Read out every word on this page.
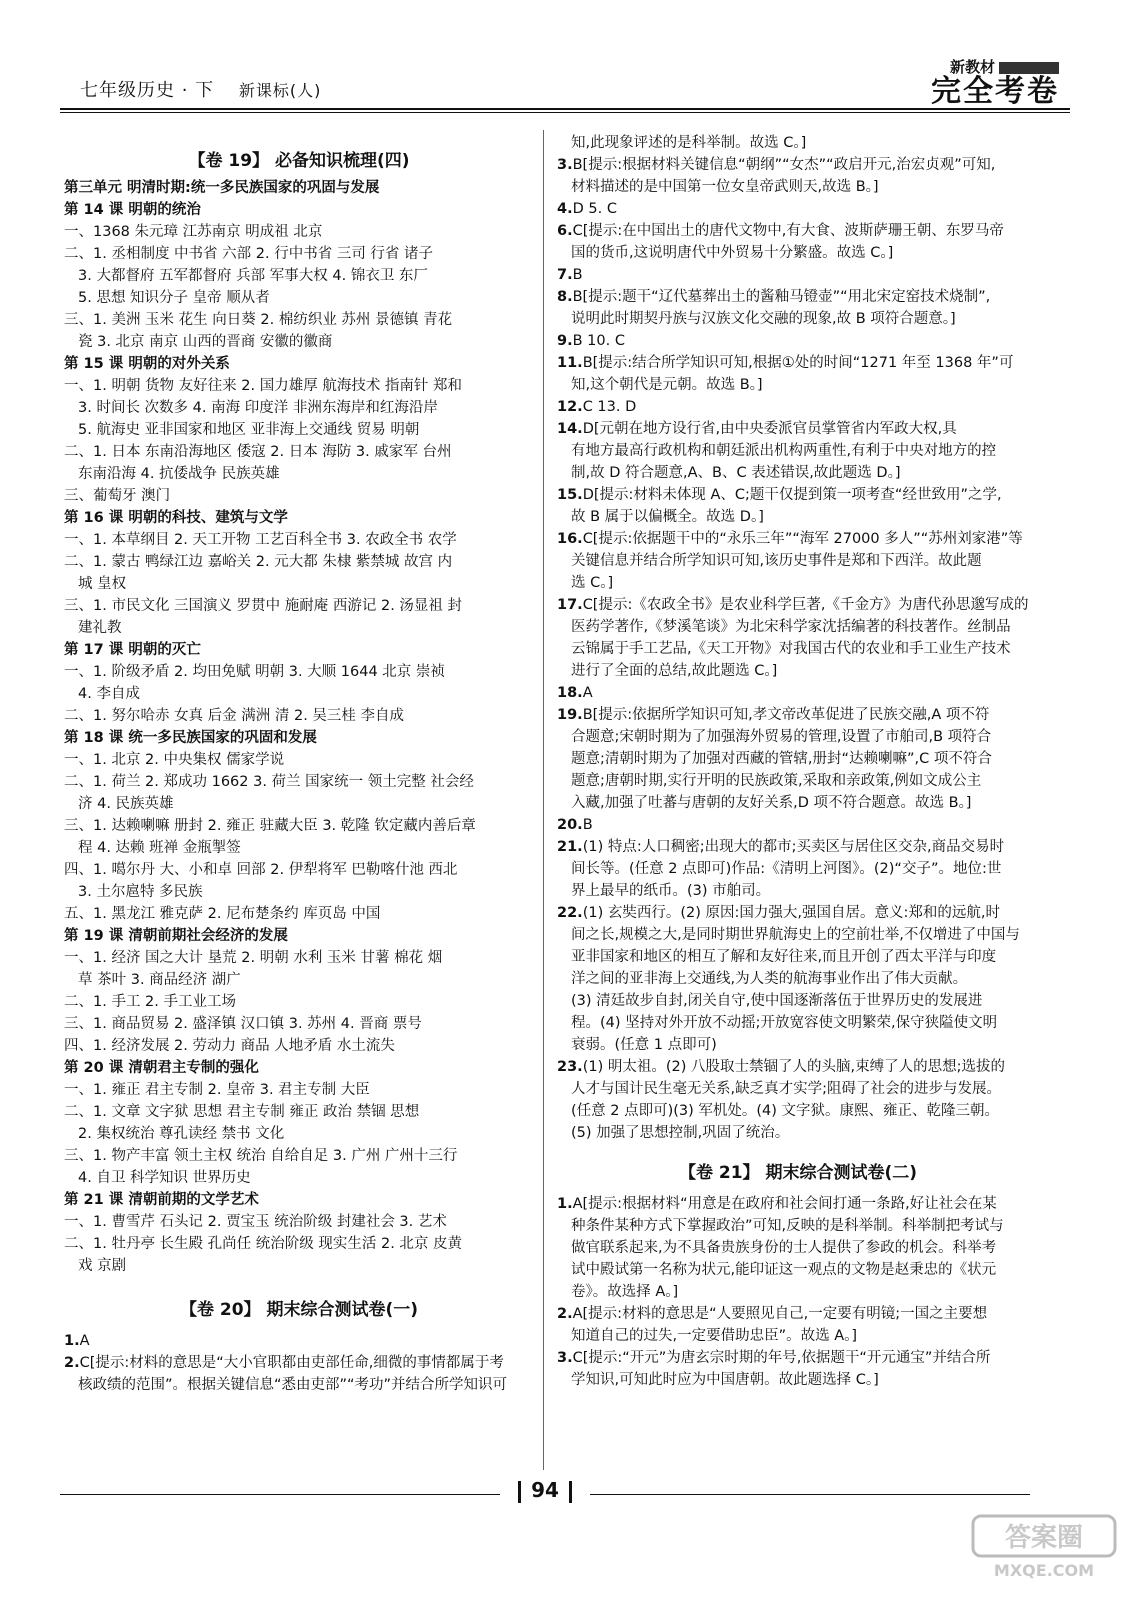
七年级历史 · 下 新课标(人)
新教材
完全考卷
【卷 19】 必备知识梳理(四)
第三单元 明清时期:统一多民族国家的巩固与发展
第 14 课 明朝的统治
一、1368 朱元璋 江苏南京 明成祖 北京
二、1. 丞相制度 中书省 六部 2. 行中书省 三司 行省 诸子
3. 大都督府 五军都督府 兵部 军事大权 4. 锦衣卫 东厂
5. 思想 知识分子 皇帝 顺从者
三、1. 美洲 玉米 花生 向日葵 2. 棉纺织业 苏州 景德镇 青花
瓷 3. 北京 南京 山西的晋商 安徽的徽商
第 15 课 明朝的对外关系
一、1. 明朝 货物 友好往来 2. 国力雄厚 航海技术 指南针 郑和
3. 时间长 次数多 4. 南海 印度洋 非洲东海岸和红海沿岸
5. 航海史 亚非国家和地区 亚非海上交通线 贸易 明朝
二、1. 日本 东南沿海地区 倭寇 2. 日本 海防 3. 戚家军 台州
东南沿海 4. 抗倭战争 民族英雄
三、葡萄牙 澳门
第 16 课 明朝的科技、建筑与文学
一、1. 本草纲目 2. 天工开物 工艺百科全书 3. 农政全书 农学
二、1. 蒙古 鸭绿江边 嘉峪关 2. 元大都 朱棣 紫禁城 故宫 内
城 皇权
三、1. 市民文化 三国演义 罗贯中 施耐庵 西游记 2. 汤显祖 封
建礼教
第 17 课 明朝的灭亡
一、1. 阶级矛盾 2. 均田免赋 明朝 3. 大顺 1644 北京 崇祯
4. 李自成
二、1. 努尔哈赤 女真 后金 满洲 清 2. 吴三桂 李自成
第 18 课 统一多民族国家的巩固和发展
一、1. 北京 2. 中央集权 儒家学说
二、1. 荷兰 2. 郑成功 1662 3. 荷兰 国家统一 领土完整 社会经
济 4. 民族英雄
三、1. 达赖喇嘛 册封 2. 雍正 驻藏大臣 3. 乾隆 钦定藏内善后章
程 4. 达赖 班禅 金瓶掣签
四、1. 噶尔丹 大、小和卓 回部 2. 伊犁将军 巴勒喀什池 西北
3. 土尔扈特 多民族
五、1. 黑龙江 雅克萨 2. 尼布楚条约 库页岛 中国
第 19 课 清朝前期社会经济的发展
一、1. 经济 国之大计 垦荒 2. 明朝 水利 玉米 甘薯 棉花 烟
草 茶叶 3. 商品经济 湖广
二、1. 手工 2. 手工业工场
三、1. 商品贸易 2. 盛泽镇 汉口镇 3. 苏州 4. 晋商 票号
四、1. 经济发展 2. 劳动力 商品 人地矛盾 水土流失
第 20 课 清朝君主专制的强化
一、1. 雍正 君主专制 2. 皇帝 3. 君主专制 大臣
二、1. 文章 文字狱 思想 君主专制 雍正 政治 禁锢 思想
2. 集权统治 尊孔读经 禁书 文化
三、1. 物产丰富 领土主权 统治 自给自足 3. 广州 广州十三行
4. 自卫 科学知识 世界历史
第 21 课 清朝前期的文学艺术
一、1. 曹雪芹 石头记 2. 贾宝玉 统治阶级 封建社会 3. 艺术
二、1. 牡丹亭 长生殿 孔尚任 统治阶级 现实生活 2. 北京 皮黄
戏 京剧
【卷 20】 期末综合测试卷(一)
1.A
2.C[提示:材料的意思是“大小官职都由吏部任命,细微的事情都属于考
核政绩的范围”。根据关键信息“悉由吏部”“考功”并结合所学知识可
知,此现象评述的是科举制。故选 C。]
3.B[提示:根据材料关键信息“朝纲”“女杰”“政启开元,治宏贞观”可知,
材料描述的是中国第一位女皇帝武则天,故选 B。]
4.D 5. C
6.C[提示:在中国出土的唐代文物中,有大食、波斯萨珊王朝、东罗马帝
国的货币,这说明唐代中外贸易十分繁盛。故选 C。]
7.B
8.B[提示:题干“辽代墓葬出土的酱釉马镫壶”“用北宋定窑技术烧制”,
说明此时期契丹族与汉族文化交融的现象,故 B 项符合题意。]
9.B 10. C
11.B[提示:结合所学知识可知,根据①处的时间“1271 年至 1368 年”可
知,这个朝代是元朝。故选 B。]
12.C 13. D
14.D[元朝在地方设行省,由中央委派官员掌管省内军政大权,具
有地方最高行政机构和朝廷派出机构两重性,有利于中央对地方的控
制,故 D 符合题意,A、B、C 表述错误,故此题选 D。]
15.D[提示:材料未体现 A、C;题干仅提到策一项考查“经世致用”之学,
故 B 属于以偏概全。故选 D。]
16.C[提示:依据题干中的“永乐三年”“海军 27000 多人”“苏州刘家港”等
关键信息并结合所学知识可知,该历史事件是郑和下西洋。故此题
选 C。]
17.C[提示:《农政全书》是农业科学巨著,《千金方》为唐代孙思邈写成的
医药学著作,《梦溪笔谈》为北宋科学家沈括编著的科技著作。丝制品
云锦属于手工艺品,《天工开物》对我国古代的农业和手工业生产技术
进行了全面的总结,故此题选 C。]
18.A
19.B[提示:依据所学知识可知,孝文帝改革促进了民族交融,A 项不符
合题意;宋朝时期为了加强海外贸易的管理,设置了市舶司,B 项符合
题意;清朝时期为了加强对西藏的管辖,册封“达赖喇嘛”,C 项不符合
题意;唐朝时期,实行开明的民族政策,采取和亲政策,例如文成公主
入藏,加强了吐蕃与唐朝的友好关系,D 项不符合题意。故选 B。]
20.B
21.(1) 特点:人口稠密;出现大的都市;买卖区与居住区交杂,商品交易时
间长等。(任意 2 点即可)作品:《清明上河图》。(2)“交子”。地位:世
界上最早的纸币。(3) 市舶司。
22.(1) 玄奘西行。(2) 原因:国力强大,强国自居。意义:郑和的远航,时
间之长,规模之大,是同时期世界航海史上的空前壮举,不仅增进了中国与
亚非国家和地区的相互了解和友好往来,而且开创了西太平洋与印度
洋之间的亚非海上交通线,为人类的航海事业作出了伟大贡献。
(3) 清廷故步自封,闭关自守,使中国逐渐落伍于世界历史的发展进
程。(4) 坚持对外开放不动摇;开放宽容使文明繁荣,保守狭隘使文明
衰弱。(任意 1 点即可)
23.(1) 明太祖。(2) 八股取士禁锢了人的头脑,束缚了人的思想;选拔的
人才与国计民生毫无关系,缺乏真才实学;阻碍了社会的进步与发展。
(任意 2 点即可)(3) 军机处。(4) 文字狱。康熙、雍正、乾隆三朝。
(5) 加强了思想控制,巩固了统治。
【卷 21】 期末综合测试卷(二)
1.A[提示:根据材料“用意是在政府和社会间打通一条路,好让社会在某
种条件某种方式下掌握政治”可知,反映的是科举制。科举制把考试与
做官联系起来,为不具备贵族身份的士人提供了参政的机会。科举考
试中殿试第一名称为状元,能印证这一观点的文物是赵秉忠的《状元
卷》。故选择 A。]
2.A[提示:材料的意思是“人要照见自己,一定要有明镜;一国之主要想
知道自己的过失,一定要借助忠臣”。故选 A。]
3.C[提示:“开元”为唐玄宗时期的年号,依据题干“开元通宝”并结合所
学知识,可知此时应为中国唐朝。故此题选择 C。]
94
答案圈
MXQE.COM
